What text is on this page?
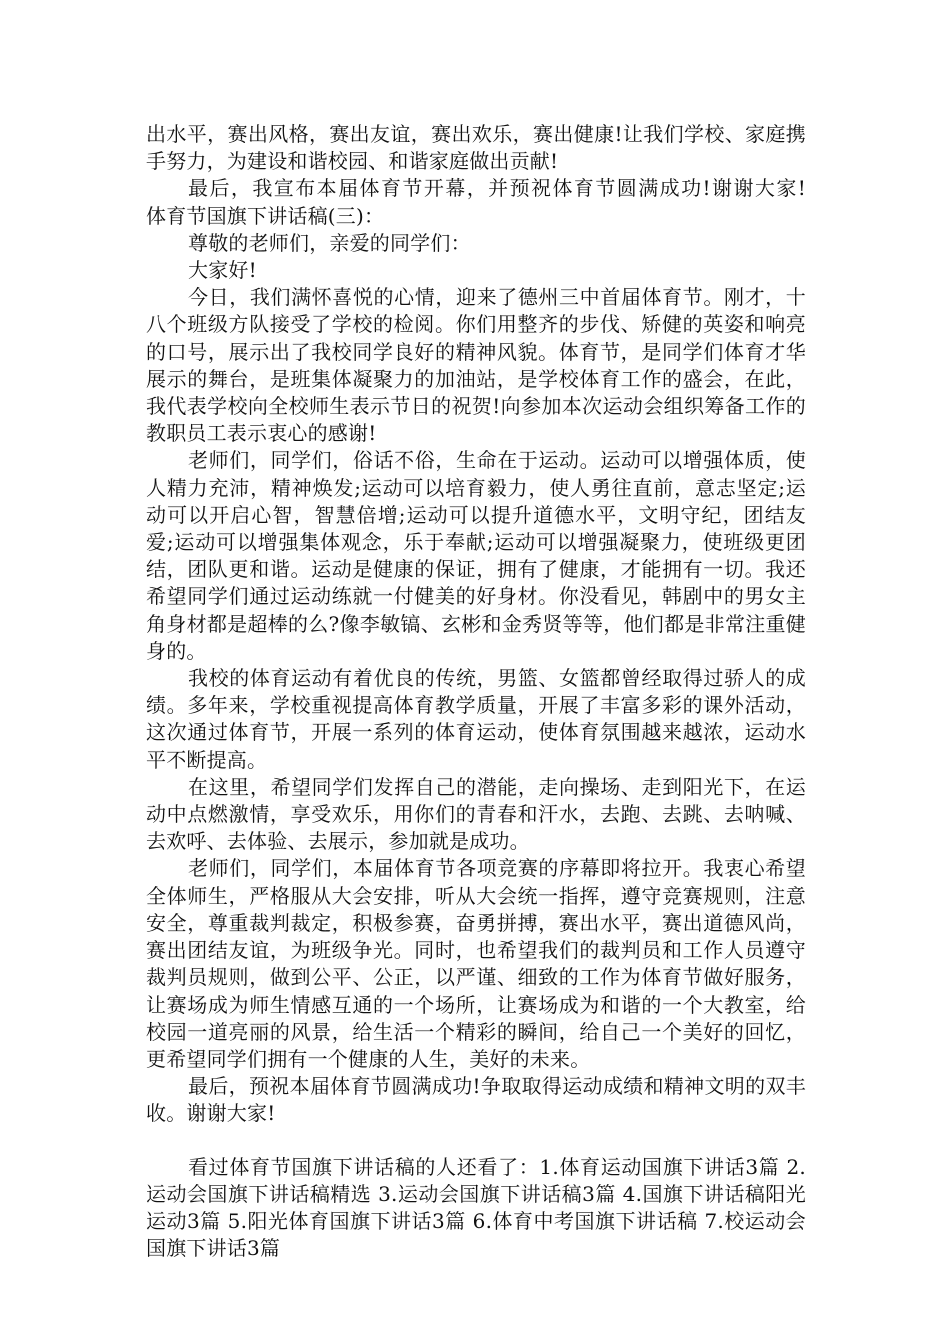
出水平，赛出风格，赛出友谊，赛出欢乐，赛出健康!让我们学校、家庭携手努力，为建设和谐校园、和谐家庭做出贡献!

最后，我宣布本届体育节开幕，并预祝体育节圆满成功!谢谢大家!　　体育节国旗下讲话稿(三)：

尊敬的老师们，亲爱的同学们：

大家好!

今日，我们满怀喜悦的心情，迎来了德州三中首届体育节。刚才，十八个班级方队接受了学校的检阅。你们用整齐的步伐、矫健的英姿和响亮的口号，展示出了我校同学良好的精神风貌。体育节，是同学们体育才华展示的舞台，是班集体凝聚力的加油站，是学校体育工作的盛会，在此，我代表学校向全校师生表示节日的祝贺!向参加本次运动会组织筹备工作的教职员工表示衷心的感谢!

老师们，同学们，俗话不俗，生命在于运动。运动可以增强体质，使人精力充沛，精神焕发;运动可以培育毅力，使人勇往直前，意志坚定;运动可以开启心智，智慧倍增;运动可以提升道德水平，文明守纪，团结友爱;运动可以增强集体观念，乐于奉献;运动可以增强凝聚力，使班级更团结，团队更和谐。运动是健康的保证，拥有了健康，才能拥有一切。我还希望同学们通过运动练就一付健美的好身材。你没看见，韩剧中的男女主角身材都是超棒的么?像李敏镐、玄彬和金秀贤等等，他们都是非常注重健身的。

我校的体育运动有着优良的传统，男篮、女篮都曾经取得过骄人的成绩。多年来，学校重视提高体育教学质量，开展了丰富多彩的课外活动，这次通过体育节，开展一系列的体育运动，使体育氛围越来越浓，运动水平不断提高。

在这里，希望同学们发挥自己的潜能，走向操场、走到阳光下，在运动中点燃激情，享受欢乐，用你们的青春和汗水，去跑、去跳、去呐喊、去欢呼、去体验、去展示，参加就是成功。

老师们，同学们，本届体育节各项竞赛的序幕即将拉开。我衷心希望全体师生，严格服从大会安排，听从大会统一指挥，遵守竞赛规则，注意安全，尊重裁判裁定，积极参赛，奋勇拼搏，赛出水平，赛出道德风尚，赛出团结友谊，为班级争光。同时，也希望我们的裁判员和工作人员遵守裁判员规则，做到公平、公正，以严谨、细致的工作为体育节做好服务，让赛场成为师生情感互通的一个场所，让赛场成为和谐的一个大教室，给校园一道亮丽的风景，给生活一个精彩的瞬间，给自己一个美好的回忆，更希望同学们拥有一个健康的人生，美好的未来。

最后，预祝本届体育节圆满成功!争取取得运动成绩和精神文明的双丰收。谢谢大家!

看过体育节国旗下讲话稿的人还看了：1.体育运动国旗下讲话3篇 2.运动会国旗下讲话稿精选 3.运动会国旗下讲话稿3篇 4.国旗下讲话稿阳光运动3篇 5.阳光体育国旗下讲话3篇 6.体育中考国旗下讲话稿 7.校运动会国旗下讲话3篇
